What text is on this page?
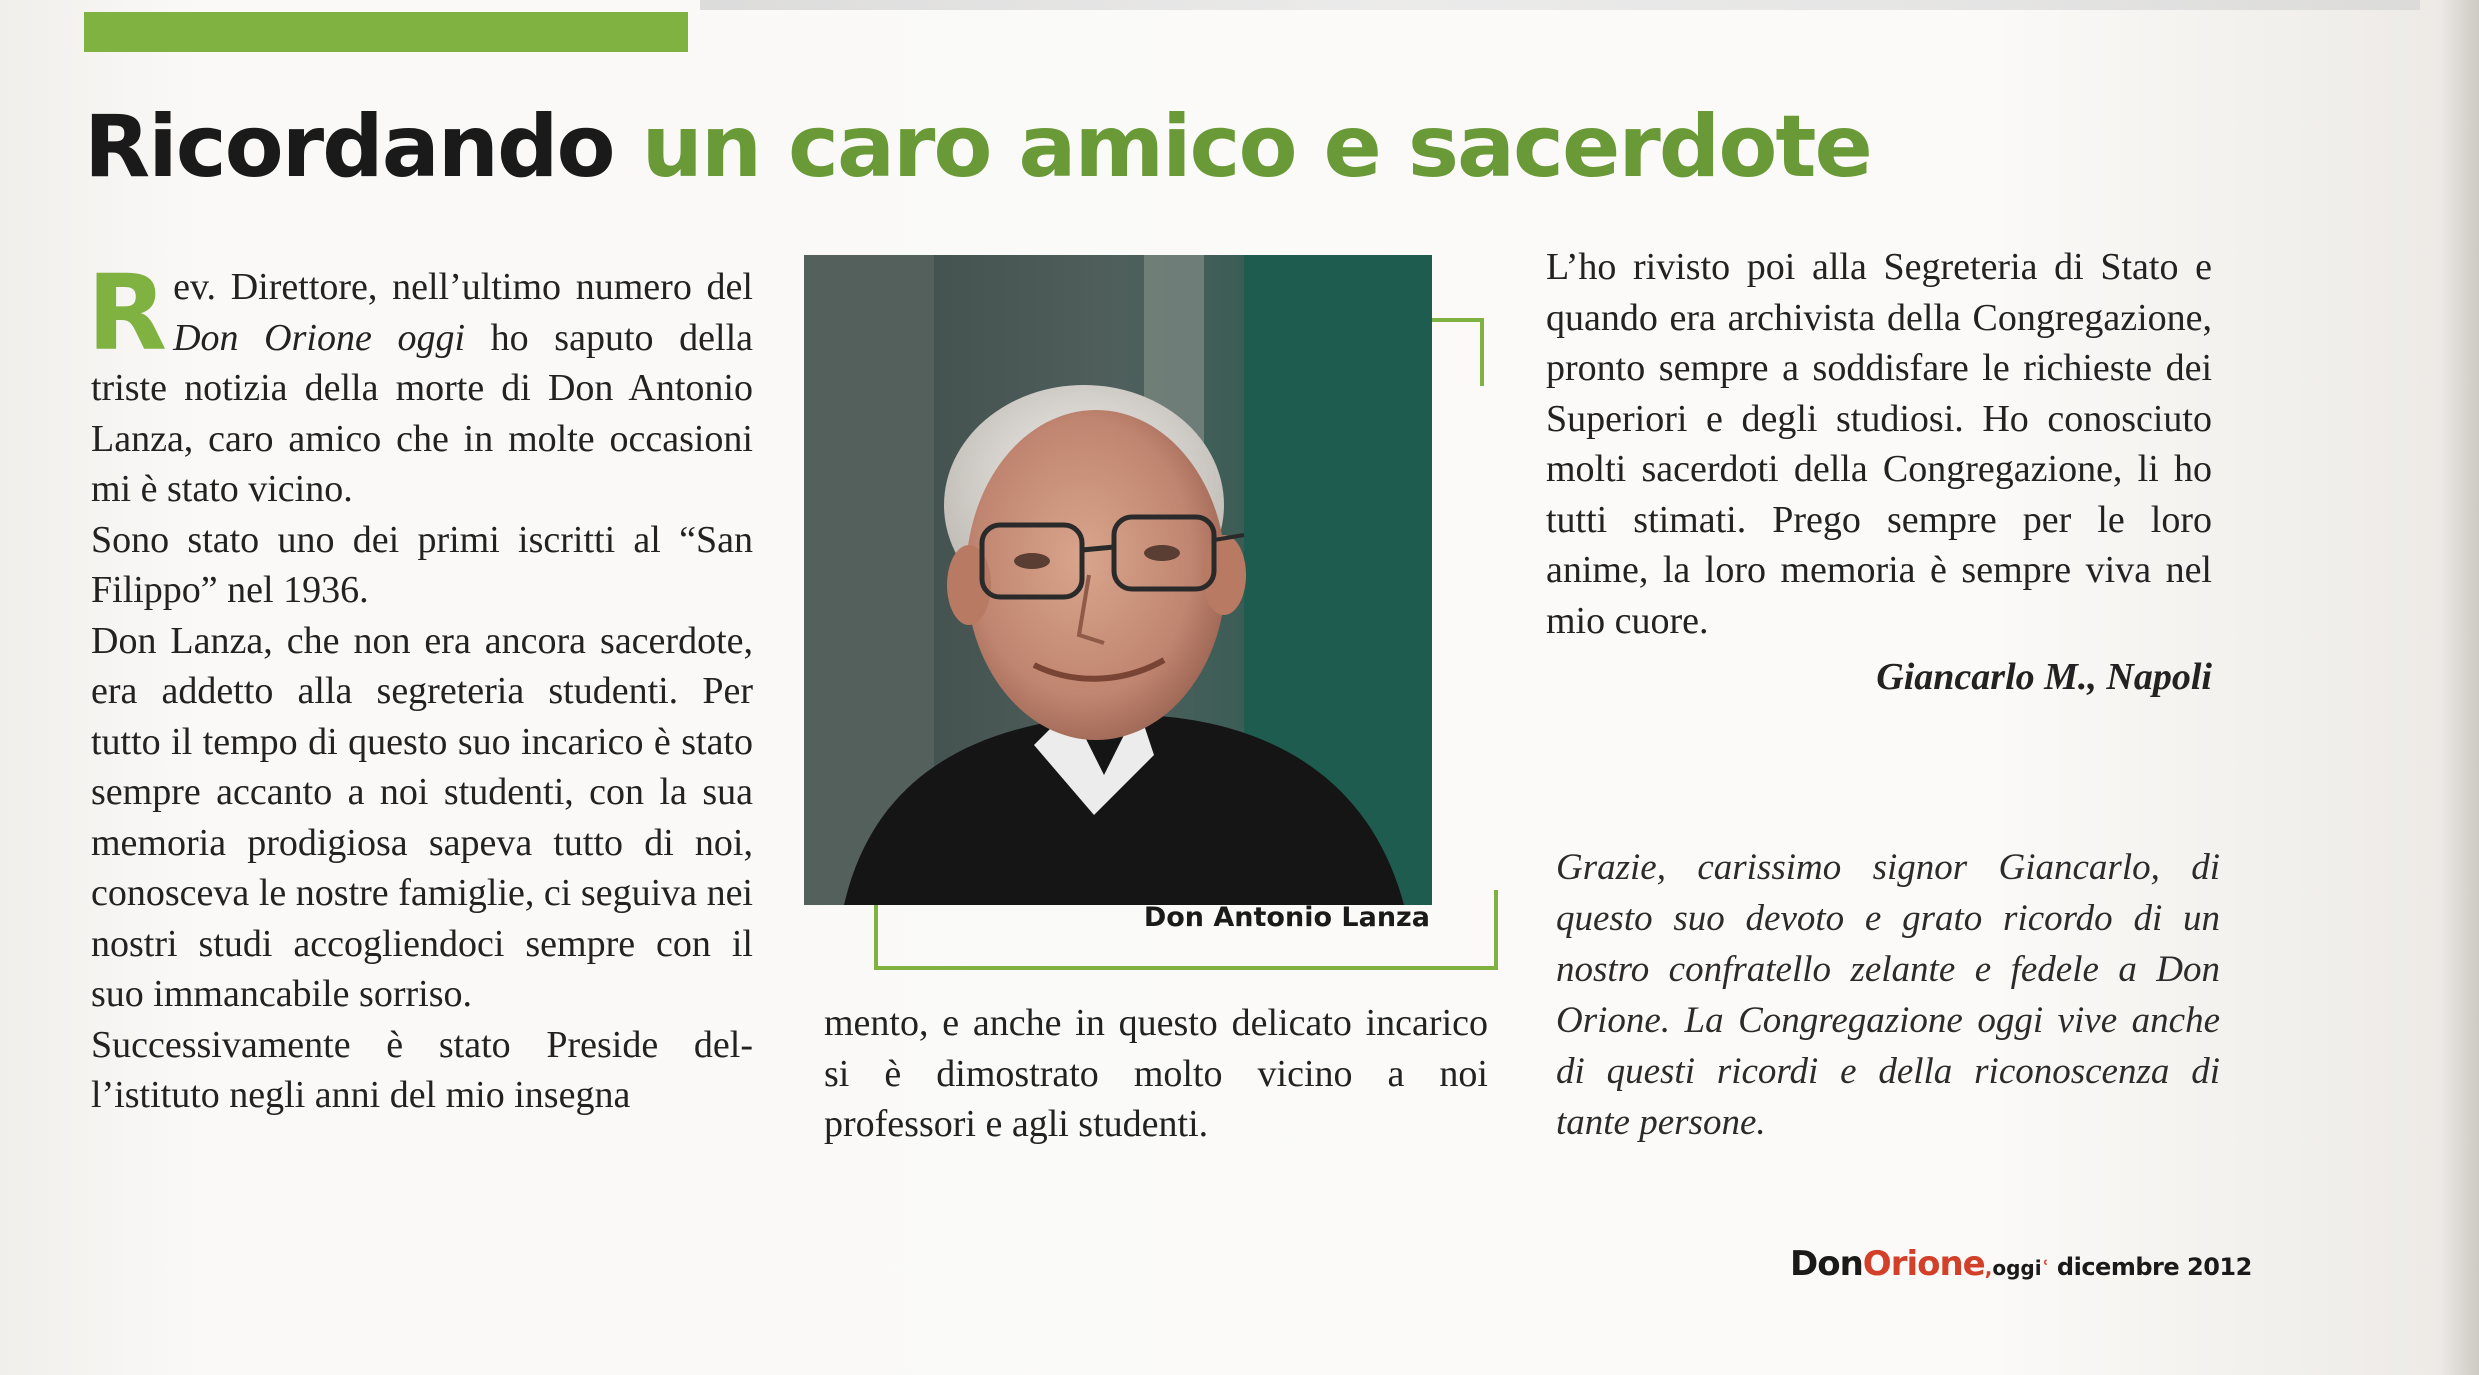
Ricordando un caro amico e sacerdote

Rev. Direttore, nell’ultimo numero del Don Orione oggi ho saputo della triste notizia della morte di Don Antonio Lanza, caro amico che in molte occasioni mi è stato vicino.

Sono stato uno dei primi iscritti al “San Filippo” nel 1936.

Don Lanza, che non era ancora sacerdote, era addetto alla segreteria studenti. Per tutto il tempo di questo suo incarico è stato sempre accanto a noi studenti, con la sua memoria prodigiosa sapeva tutto di noi, conosceva le nostre famiglie, ci seguiva nei nostri studi accogliendoci sempre con il suo immancabile sorriso.

Successivamente è stato Preside dell’istituto negli anni del mio insegna

Don Antonio Lanza

mento, e anche in questo delicato incarico si è dimostrato molto vicino a noi professori e agli studenti.

L’ho rivisto poi alla Segreteria di Stato e quando era archivista della Congregazione, pronto sempre a soddisfare le richieste dei Superiori e degli studiosi. Ho conosciuto molti sacerdoti della Congregazione, li ho tutti stimati. Prego sempre per le loro anime, la loro memoria è sempre viva nel mio cuore.

Giancarlo M., Napoli

Grazie, carissimo signor Giancarlo, di questo suo devoto e grato ricordo di un nostro confratello zelante e fedele a Don Orione. La Congregazione oggi vive anche di questi ricordi e della riconoscenza di tante persone.
DonOrione,oggiʿ dicembre 2012
